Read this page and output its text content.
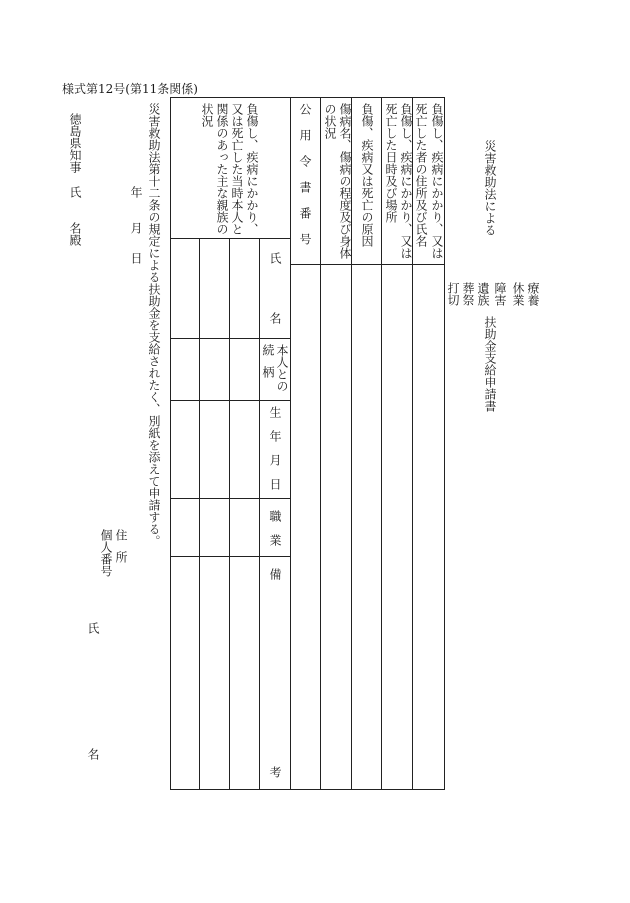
様式第12号(第11条関係)
災害救助法による
療養
休業
障害
遺族
葬祭
打切
扶助金支給申請書
負傷し、疾病にかかり、又は
死亡した者の住所及び氏名
負傷し、疾病にかかり、又は
死亡した日時及び場所
負傷、疾病又は死亡の原因
傷病名、傷病の程度及び身体
の状況
公用令書番号
負傷し、疾病にかかり、
又は死亡した当時本人と
関係のあった主な親族の
状況
氏
名
本人との
続柄
生
年
月
日
職
業
備
考
災害救助法第十二条の規定による扶助金を支給されたく、別紙を添えて申請する。
年
月
日
住所
個人番号
氏
名
徳島県知事
氏
名殿
